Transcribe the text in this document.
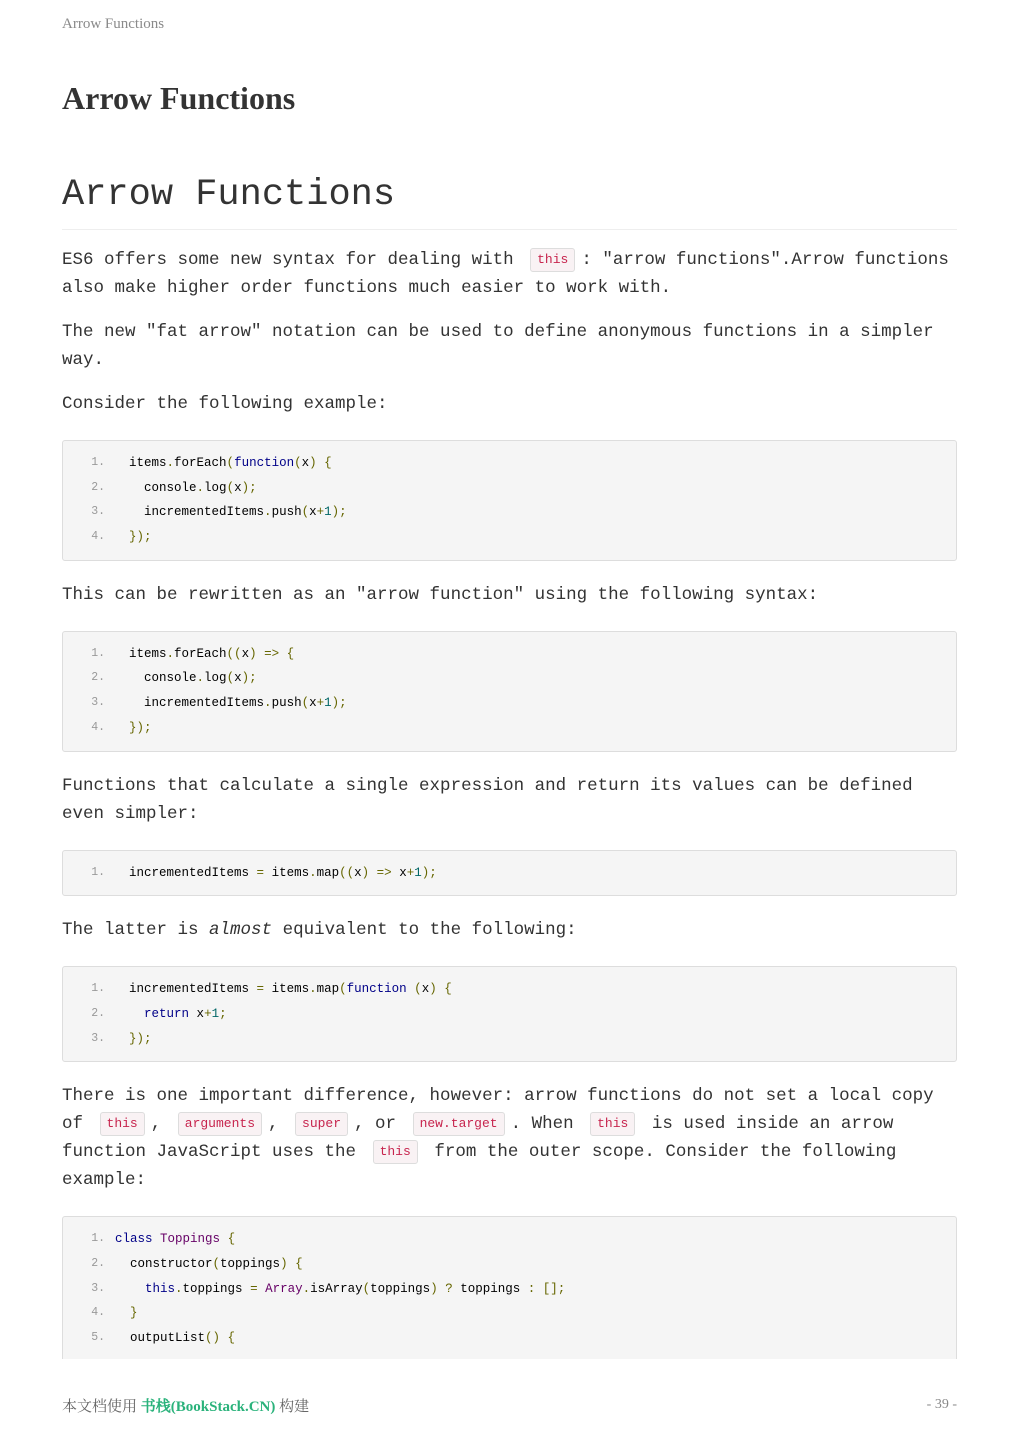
Arrow Functions
Arrow Functions
Arrow Functions

ES6 offers some new syntax for dealing with this : "arrow functions".Arrow functions also make higher order functions much easier to work with.

The new "fat arrow" notation can be used to define anonymous functions in a simpler way.

Consider the following example:

1 .	items.forEach(function(x) {
2 .	console.log(x);
3 .	incrementedItems.push(x+1);
4 .	});

This can be rewritten as an "arrow function" using the following syntax:

1 .	items.forEach((x) => {
2 .	console.log(x);
3 .	incrementedItems.push(x+1);
4 .	});

Functions that calculate a single expression and return its values can be defined even simpler:

1 .	incrementedItems = items.map((x) => x+1);

The latter is almost equivalent to the following:

1 .	incrementedItems = items.map(function (x) {
2 .	return x+1;
3 .	});

There is one important difference, however: arrow functions do not set a local copy of this , arguments , super , or new.target . When this is used inside an arrow function JavaScript uses the this from the outer scope. Consider the following example:

1 .	class Toppings {
2 .	constructor(toppings) {
3 .	this.toppings = Array.isArray(toppings) ? toppings : [];
4 .	}
5 .	outputList() {
本文档使用 书栈(BookStack.CN) 构建	- 39 -
